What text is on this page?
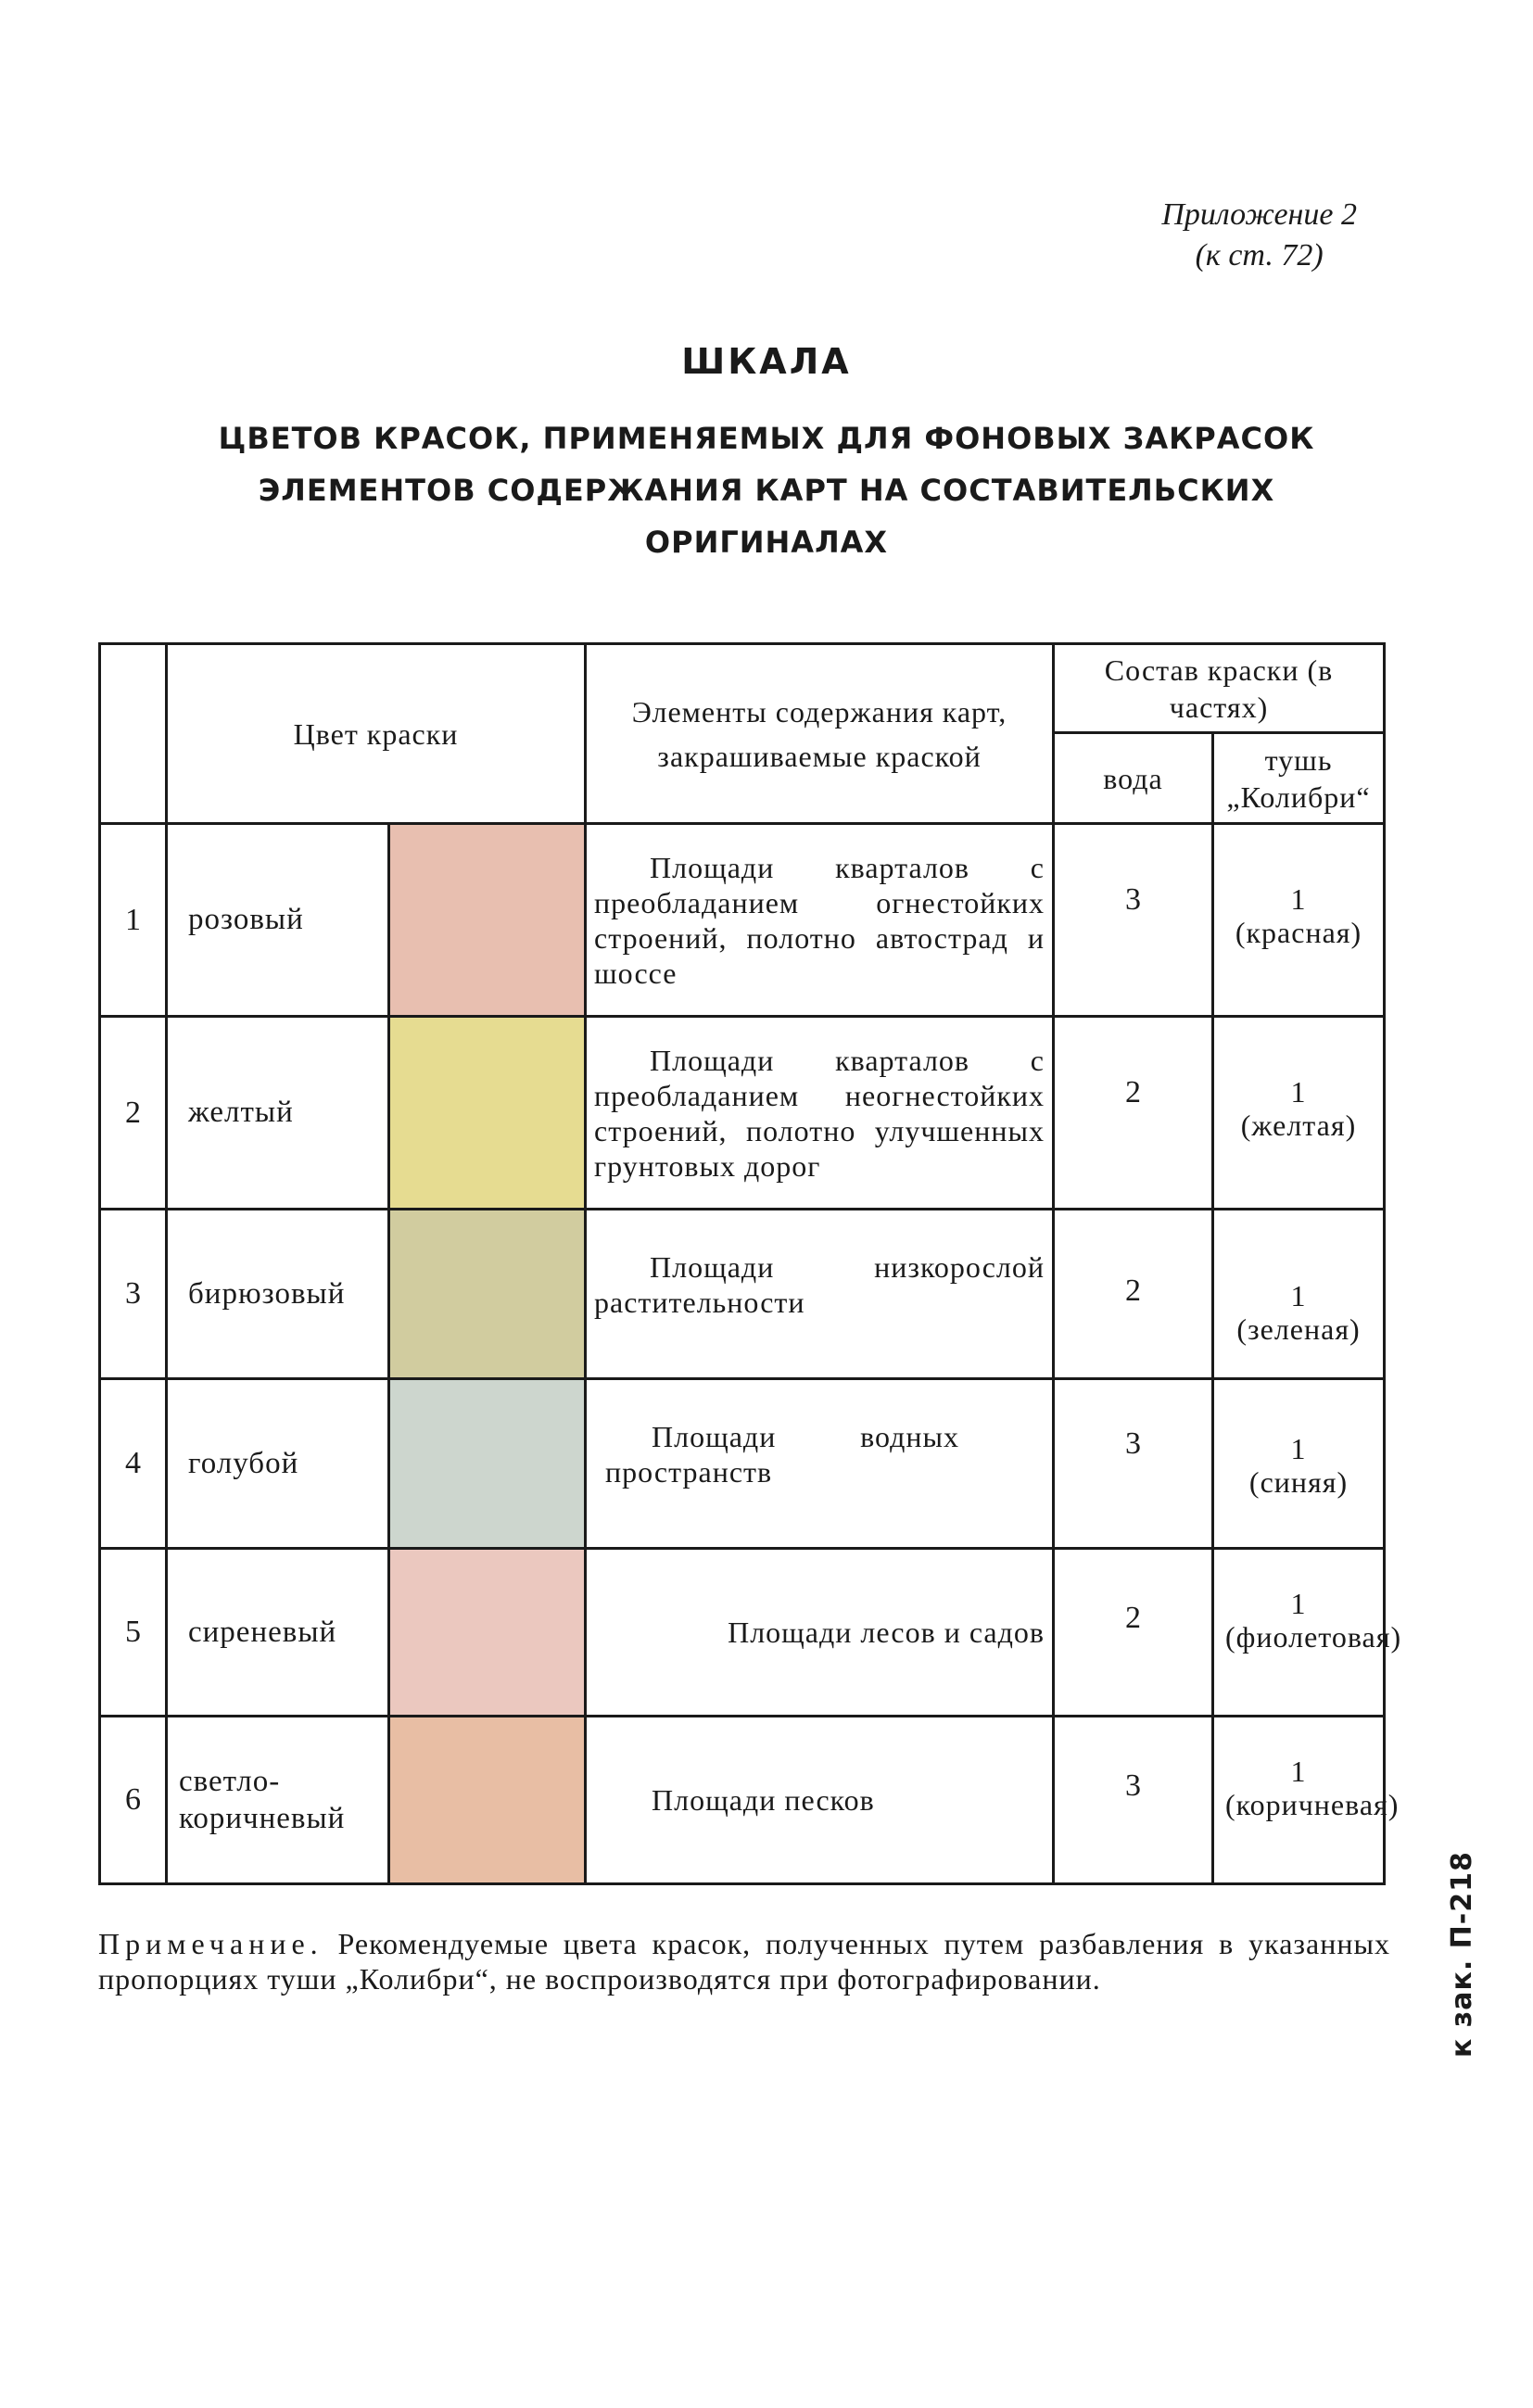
Приложение 2
(к ст. 72)
ШКАЛА
ЦВЕТОВ КРАСОК, ПРИМЕНЯЕМЫХ ДЛЯ ФОНОВЫХ ЗАКРАСОК
ЭЛЕМЕНТОВ СОДЕРЖАНИЯ КАРТ НА СОСТАВИТЕЛЬСКИХ
ОРИГИНАЛАХ
	Цвет краски		Элементы содержания карт, закрашиваемые краской	Состав краски (в частях)	
				вода	тушь „Колибри“
1	розовый		Площади кварталов с преобладанием огнестойких строений, полотно автострад и шоссе	3	1
(красная)

2	желтый		Площади кварталов с преобладанием неогнестойких строений, полотно улучшенных грунтовых дорог	2	1
(желтая)

3	бирюзовый		Площади низкорослой растительности	2	1
(зеленая)

4	голубой		Площади водных пространств	3	1
(синяя)

5	сиреневый		Площади лесов и садов	2	1
(фиолетовая)

6	светло-коричневый		Площади песков	3	1
(коричневая)
Примечание. Рекомендуемые цвета красок, полученных путем разбавления в указанных пропорциях туши „Колибри“, не воспроизводятся при фотографировании.	к зак. П-218
